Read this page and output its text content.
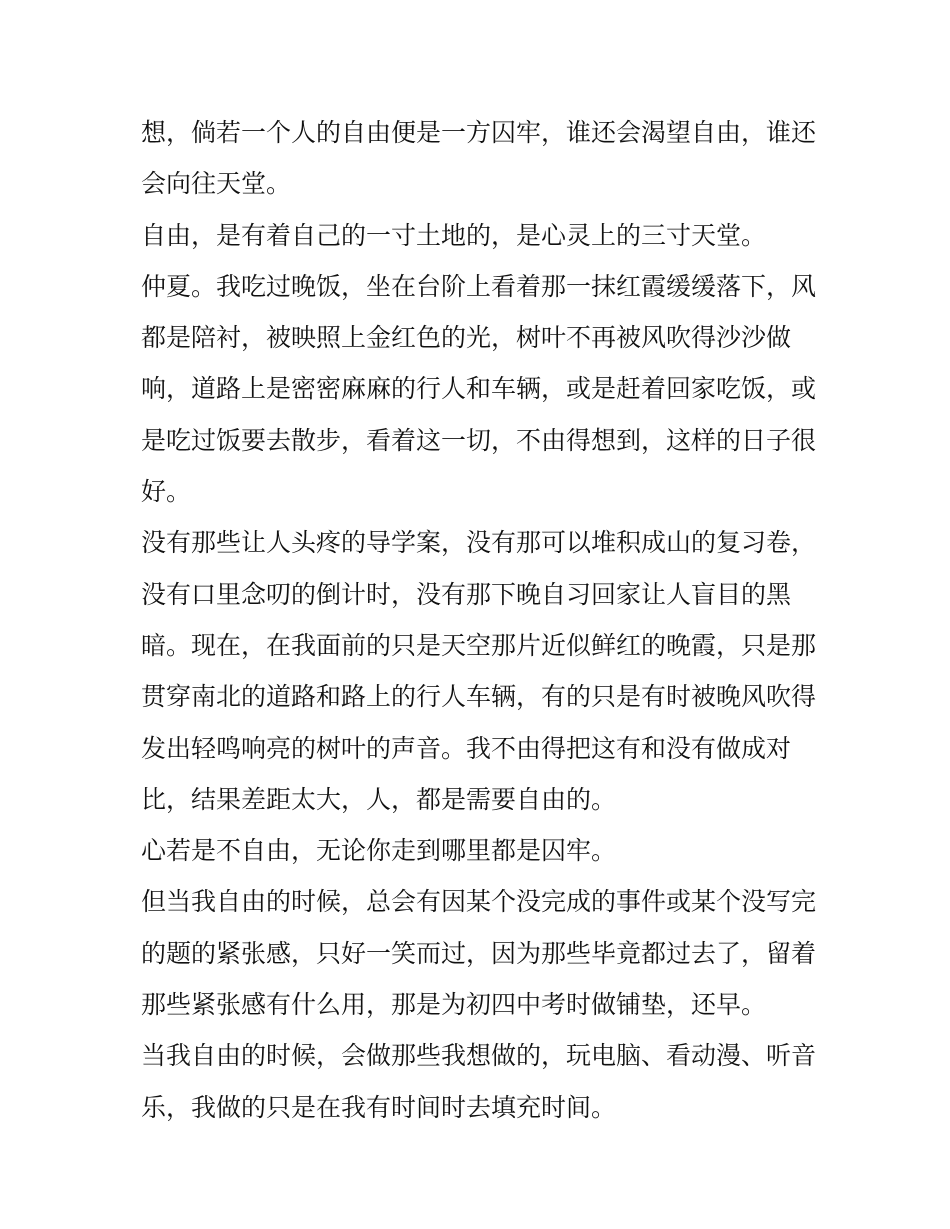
想，倘若一个人的自由便是一方囚牢，谁还会渴望自由，谁还
会向往天堂。
自由，是有着自己的一寸土地的，是心灵上的三寸天堂。
仲夏。我吃过晚饭，坐在台阶上看着那一抹红霞缓缓落下，风
都是陪衬，被映照上金红色的光，树叶不再被风吹得沙沙做
响，道路上是密密麻麻的行人和车辆，或是赶着回家吃饭，或
是吃过饭要去散步，看着这一切，不由得想到，这样的日子很
好。
没有那些让人头疼的导学案，没有那可以堆积成山的复习卷，
没有口里念叨的倒计时，没有那下晚自习回家让人盲目的黑
暗。现在，在我面前的只是天空那片近似鲜红的晚霞，只是那
贯穿南北的道路和路上的行人车辆，有的只是有时被晚风吹得
发出轻鸣响亮的树叶的声音。我不由得把这有和没有做成对
比，结果差距太大，人，都是需要自由的。
心若是不自由，无论你走到哪里都是囚牢。
但当我自由的时候，总会有因某个没完成的事件或某个没写完
的题的紧张感，只好一笑而过，因为那些毕竟都过去了，留着
那些紧张感有什么用，那是为初四中考时做铺垫，还早。
当我自由的时候，会做那些我想做的，玩电脑、看动漫、听音
乐，我做的只是在我有时间时去填充时间。
